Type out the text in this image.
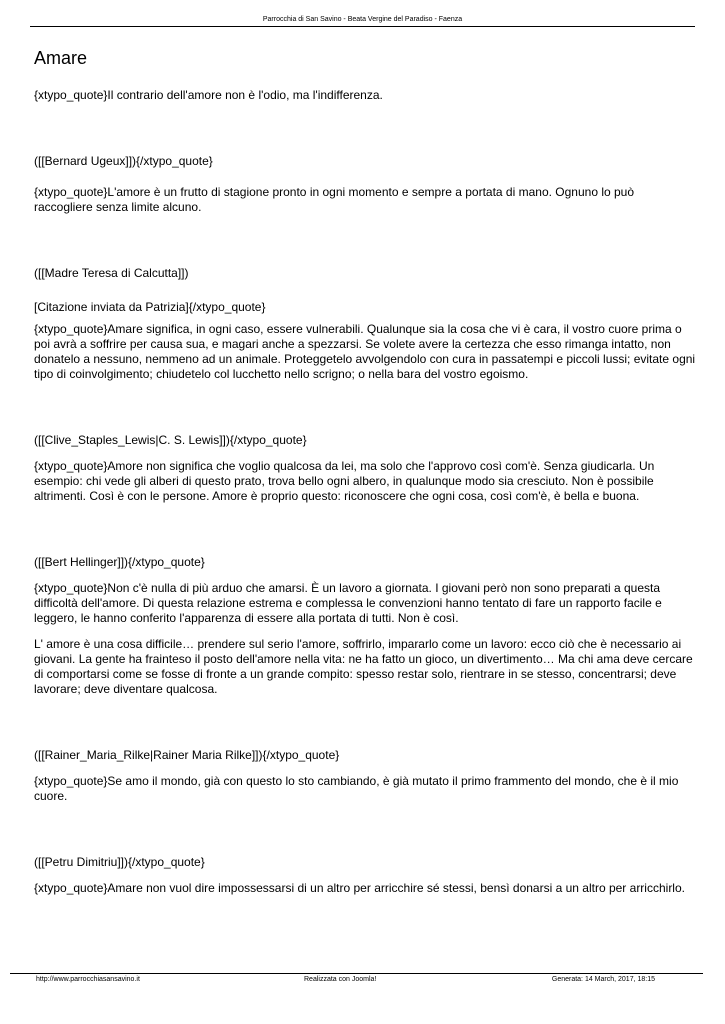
Parrocchia di San Savino - Beata Vergine del Paradiso - Faenza
Amare

{xtypo_quote}Il contrario dell'amore non è l'odio, ma l'indifferenza.

([[Bernard Ugeux]]){/xtypo_quote}

{xtypo_quote}L'amore è un frutto di stagione pronto in ogni momento e sempre a portata di mano. Ognuno lo può raccogliere senza limite alcuno.

([[Madre Teresa di Calcutta]])

[Citazione inviata da Patrizia]{/xtypo_quote}

{xtypo_quote}Amare significa, in ogni caso, essere vulnerabili. Qualunque sia la cosa che vi è cara, il vostro cuore prima o poi avrà a soffrire per causa sua, e magari anche a spezzarsi. Se volete avere la certezza che esso rimanga intatto, non donatelo a nessuno, nemmeno ad un animale. Proteggetelo avvolgendolo con cura in passatempi e piccoli lussi; evitate ogni tipo di coinvolgimento; chiudetelo col lucchetto nello scrigno; o nella bara del vostro egoismo.

([[Clive_Staples_Lewis|C. S. Lewis]]){/xtypo_quote}

{xtypo_quote}Amore non significa che voglio qualcosa da lei, ma solo che l'approvo così com'è. Senza giudicarla. Un esempio: chi vede gli alberi di questo prato, trova bello ogni albero, in qualunque modo sia cresciuto. Non è possibile altrimenti. Così è con le persone. Amore è proprio questo: riconoscere che ogni cosa, così com'è, è bella e buona.

([[Bert Hellinger]]){/xtypo_quote}

{xtypo_quote}Non c'è nulla di più arduo che amarsi. È un lavoro a giornata. I giovani però non sono preparati a questa difficoltà dell'amore. Di questa relazione estrema e complessa le convenzioni hanno tentato di fare un rapporto facile e leggero, le hanno conferito l'apparenza di essere alla portata di tutti. Non è così.

L' amore è una cosa difficile… prendere sul serio l'amore, soffrirlo, impararlo come un lavoro: ecco ciò che è necessario ai giovani. La gente ha frainteso il posto dell'amore nella vita: ne ha fatto un gioco, un divertimento… Ma chi ama deve cercare di comportarsi come se fosse di fronte a un grande compito: spesso restar solo, rientrare in se stesso, concentrarsi; deve lavorare; deve diventare qualcosa.

([[Rainer_Maria_Rilke|Rainer Maria Rilke]]){/xtypo_quote}

{xtypo_quote}Se amo il mondo, già con questo lo sto cambiando, è già mutato il primo frammento del mondo, che è il mio cuore.

([[Petru Dimitriu]]){/xtypo_quote}

{xtypo_quote}Amare non vuol dire impossessarsi di un altro per arricchire sé stessi, bensì donarsi a un altro per arricchirlo.

http://www.parrocchiasansavino.it	Realizzata con Joomla!	Generata: 14 March, 2017, 18:15
